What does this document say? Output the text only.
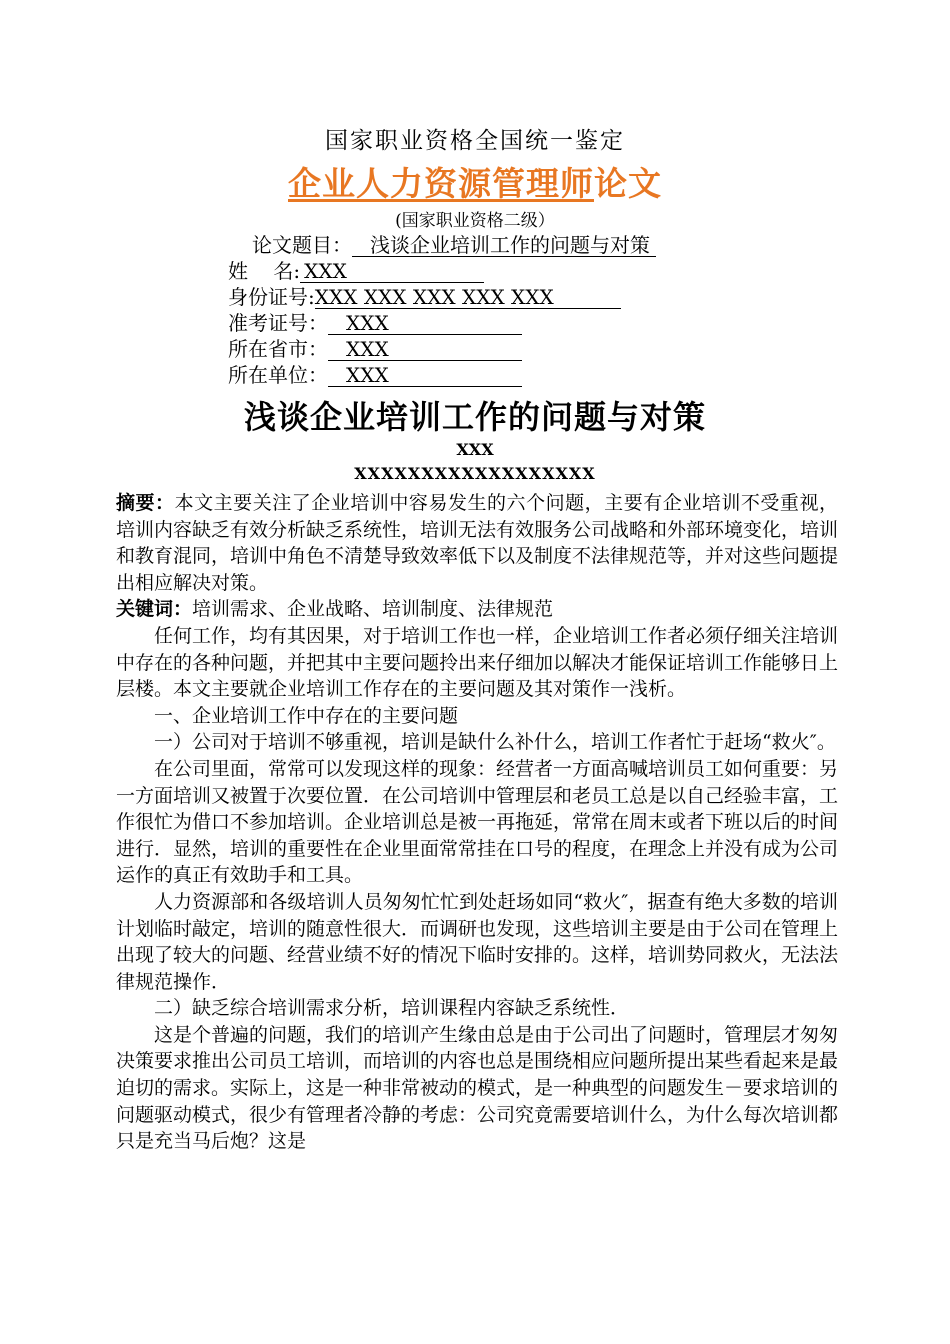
国家职业资格全国统一鉴定
企业人力资源管理师论文
(国家职业资格二级）
论文题目： 浅谈企业培训工作的问题与对策
姓    名: XXX
身份证号:XXX XXX XXX XXX XXX
准考证号： XXX
所在省市： XXX
所在单位： XXX
浅谈企业培训工作的问题与对策
XXX
XXXXXXXXXXXXXXXXXX

摘要：本文主要关注了企业培训中容易发生的六个问题，主要有企业培训不受重视，培训内容缺乏有效分析缺乏系统性，培训无法有效服务公司战略和外部环境变化，培训和教育混同，培训中角色不清楚导致效率低下以及制度不法律规范等，并对这些问题提出相应解决对策。

关键词：培训需求、企业战略、培训制度、法律规范

任何工作，均有其因果，对于培训工作也一样，企业培训工作者必须仔细关注培训中存在的各种问题，并把其中主要问题拎出来仔细加以解决才能保证培训工作能够日上层楼。本文主要就企业培训工作存在的主要问题及其对策作一浅析。

一、企业培训工作中存在的主要问题

一）公司对于培训不够重视，培训是缺什么补什么，培训工作者忙于赶场“救火″。

在公司里面，常常可以发现这样的现象：经营者一方面高喊培训员工如何重要：另一方面培训又被置于次要位置．在公司培训中管理层和老员工总是以自己经验丰富，工作很忙为借口不参加培训。企业培训总是被一再拖延，常常在周末或者下班以后的时间进行．显然，培训的重要性在企业里面常常挂在口号的程度，在理念上并没有成为公司运作的真正有效助手和工具。

人力资源部和各级培训人员匆匆忙忙到处赶场如同“救火″，据查有绝大多数的培训计划临时敲定，培训的随意性很大．而调研也发现，这些培训主要是由于公司在管理上出现了较大的问题、经营业绩不好的情况下临时安排的。这样，培训势同救火，无法法律规范操作．

二）缺乏综合培训需求分析，培训课程内容缺乏系统性．

这是个普遍的问题，我们的培训产生缘由总是由于公司出了问题时，管理层才匆匆决策要求推出公司员工培训，而培训的内容也总是围绕相应问题所提出某些看起来是最迫切的需求。实际上，这是一种非常被动的模式，是一种典型的问题发生－要求培训的问题驱动模式，很少有管理者冷静的考虑：公司究竟需要培训什么，为什么每次培训都只是充当马后炮？这是
